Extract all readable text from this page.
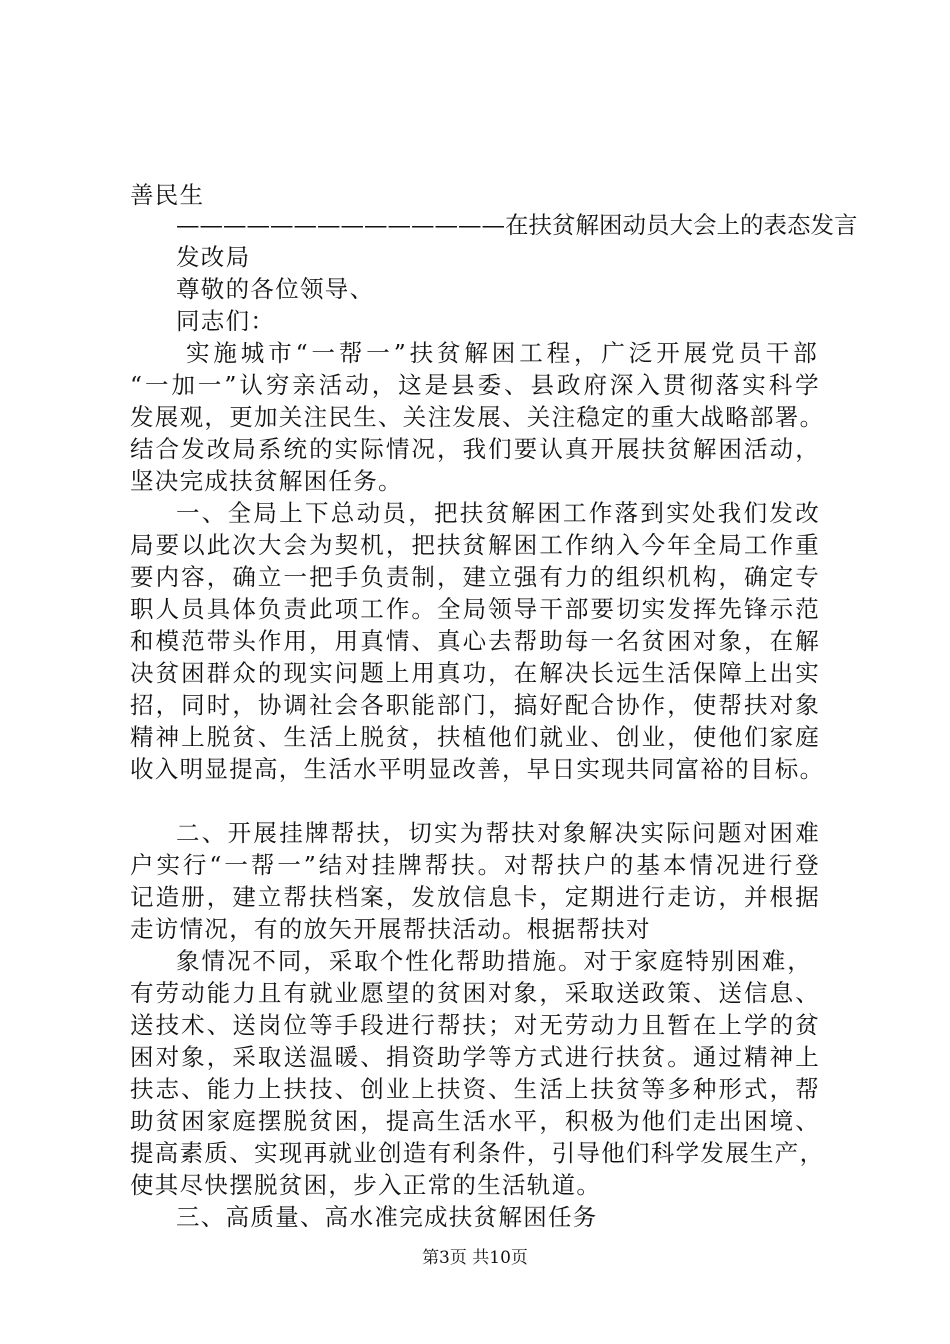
善民生
——————————————在扶贫解困动员大会上的表态发言
发改局
尊敬的各位领导、
同志们：
实施城市“一帮一”扶贫解困工程，广泛开展党员干部
“一加一”认穷亲活动，这是县委、县政府深入贯彻落实科学
发展观，更加关注民生、关注发展、关注稳定的重大战略部署。
结合发改局系统的实际情况，我们要认真开展扶贫解困活动，
坚决完成扶贫解困任务。
一、全局上下总动员，把扶贫解困工作落到实处我们发改
局要以此次大会为契机，把扶贫解困工作纳入今年全局工作重
要内容，确立一把手负责制，建立强有力的组织机构，确定专
职人员具体负责此项工作。全局领导干部要切实发挥先锋示范
和模范带头作用，用真情、真心去帮助每一名贫困对象，在解
决贫困群众的现实问题上用真功，在解决长远生活保障上出实
招，同时，协调社会各职能部门，搞好配合协作，使帮扶对象
精神上脱贫、生活上脱贫，扶植他们就业、创业，使他们家庭
收入明显提高，生活水平明显改善，早日实现共同富裕的目标。
二、开展挂牌帮扶，切实为帮扶对象解决实际问题对困难
户实行“一帮一”结对挂牌帮扶。对帮扶户的基本情况进行登
记造册，建立帮扶档案，发放信息卡，定期进行走访，并根据
走访情况，有的放矢开展帮扶活动。根据帮扶对
象情况不同，采取个性化帮助措施。对于家庭特别困难，
有劳动能力且有就业愿望的贫困对象，采取送政策、送信息、
送技术、送岗位等手段进行帮扶；对无劳动力且暂在上学的贫
困对象，采取送温暖、捐资助学等方式进行扶贫。通过精神上
扶志、能力上扶技、创业上扶资、生活上扶贫等多种形式，帮
助贫困家庭摆脱贫困，提高生活水平，积极为他们走出困境、
提高素质、实现再就业创造有利条件，引导他们科学发展生产，
使其尽快摆脱贫困，步入正常的生活轨道。
三、高质量、高水准完成扶贫解困任务
第3页 共10页
